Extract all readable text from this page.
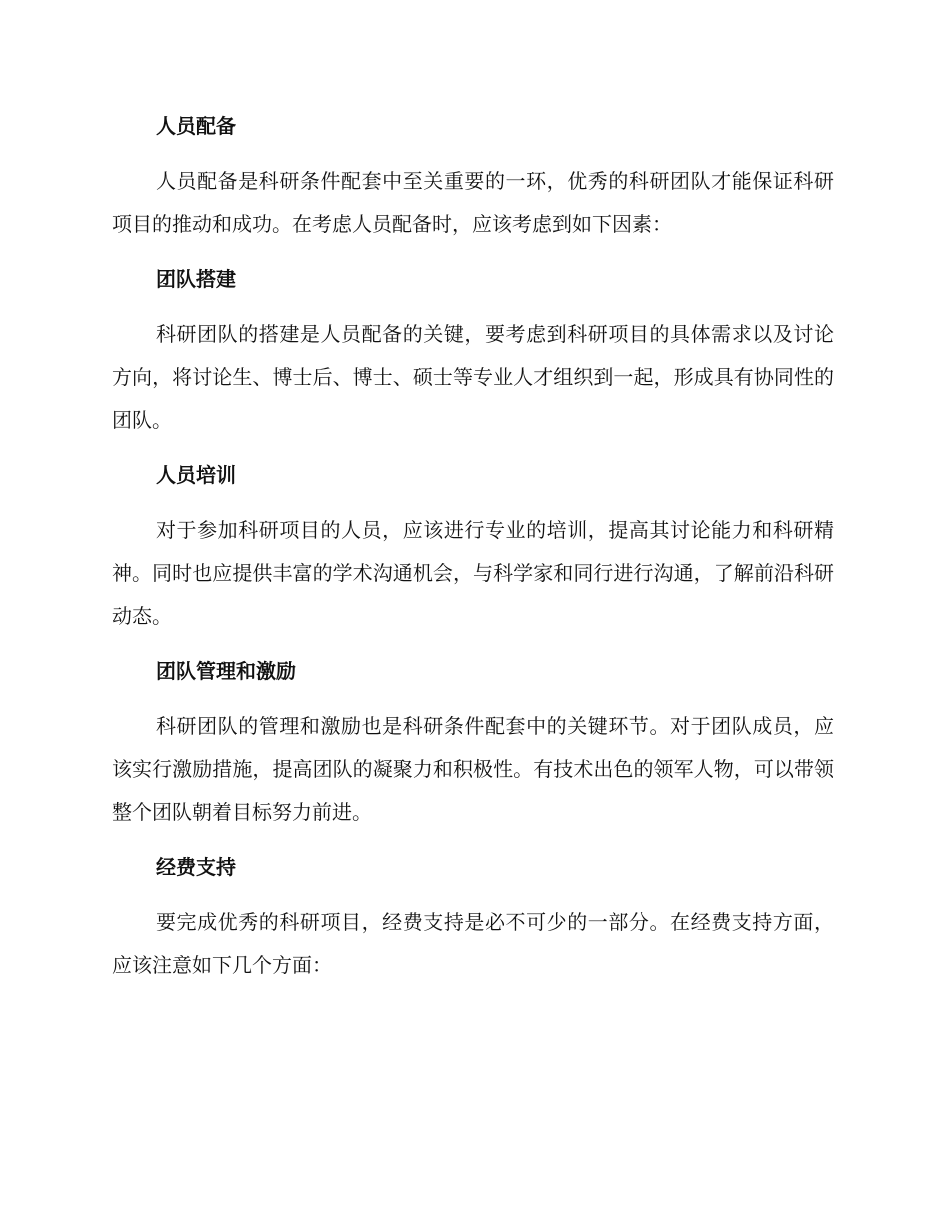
人员配备

人员配备是科研条件配套中至关重要的一环，优秀的科研团队才能保证科研项目的推动和成功。在考虑人员配备时，应该考虑到如下因素：

团队搭建

科研团队的搭建是人员配备的关键，要考虑到科研项目的具体需求以及讨论方向，将讨论生、博士后、博士、硕士等专业人才组织到一起，形成具有协同性的团队。

人员培训

对于参加科研项目的人员，应该进行专业的培训，提高其讨论能力和科研精神。同时也应提供丰富的学术沟通机会，与科学家和同行进行沟通，了解前沿科研动态。

团队管理和激励

科研团队的管理和激励也是科研条件配套中的关键环节。对于团队成员，应该实行激励措施，提高团队的凝聚力和积极性。有技术出色的领军人物，可以带领整个团队朝着目标努力前进。

经费支持

要完成优秀的科研项目，经费支持是必不可少的一部分。在经费支持方面，应该注意如下几个方面：
